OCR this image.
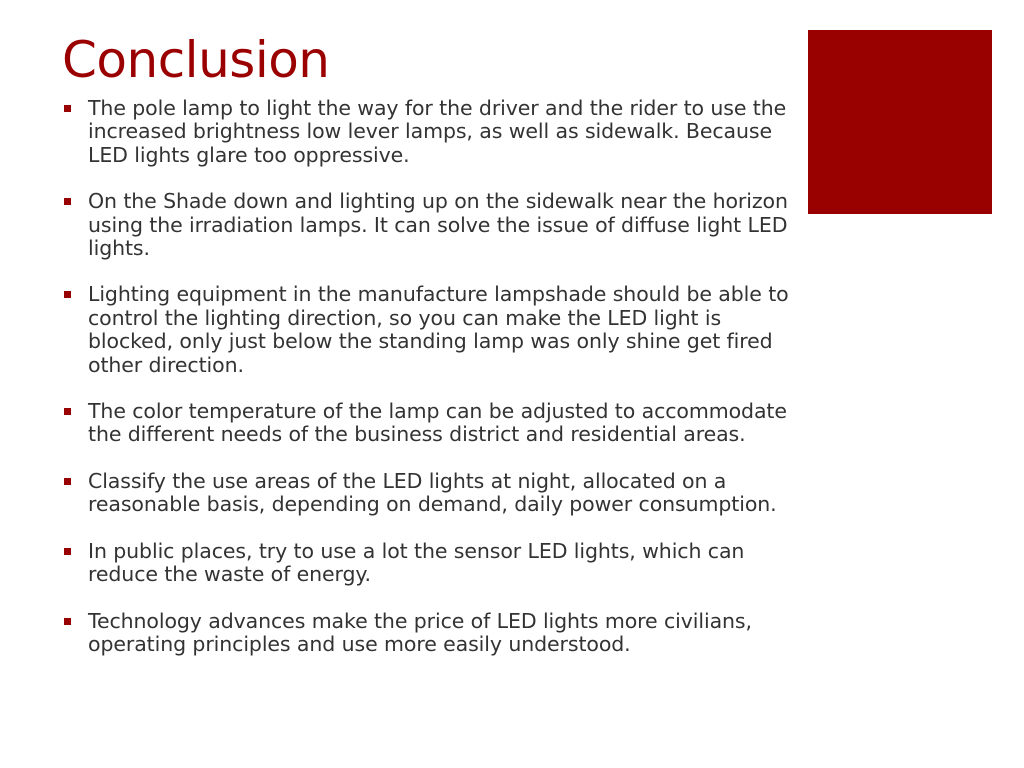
Conclusion
The pole lamp to light the way for the driver and the rider to use the increased brightness low lever lamps, as well as sidewalk. Because LED lights glare too oppressive.
On the Shade down and lighting up on the sidewalk near the horizon using the irradiation lamps. It can solve the issue of diffuse light LED lights.
Lighting equipment in the manufacture lampshade should be able to control the lighting direction, so you can make the LED light is blocked, only just below the standing lamp was only shine get fired other direction.
The color temperature of the lamp can be adjusted to accommodate the different needs of the business district and residential areas.
Classify the use areas of the LED lights at night, allocated on a reasonable basis, depending on demand, daily power consumption.
In public places, try to use a lot the sensor LED lights, which can reduce the waste of energy.
Technology advances make the price of LED lights more civilians, operating principles and use more easily understood.
